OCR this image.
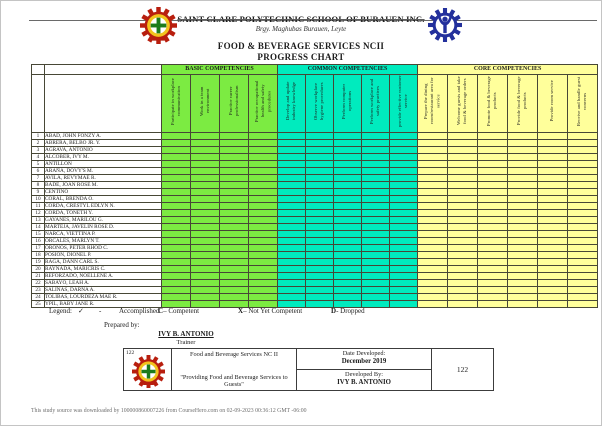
SAINT CLARE POLYTECHNIC SCHOOL OF BURAUEN INC.
Brgy. Maghubas Burauen, Leyte
FOOD & BEVERAGE SERVICES NCII
PROGRESS CHART
		BASIC COMPETENCIES				COMMON COMPETENCIES					CORE COMPETENCIES					
		Participate in workplace communication	Work in a team environment	Practice career professionalism	Practice occupational health and safety procedures	Develop and update industry knowledge	Observe workplace hygiene procedures	Perform computer operations	Perform workplace and safety practices	provide effective customer service	Prepare the dining room/restaurant area for service	Welcome guests and take food & beverage orders	Promote food & beverage products	Provide food & beverage products	Provide room service	Receive and handle guest concerns
1	ABAD, JOHN FONZY A.															
2	ABRERA, BELBO JR. Y.															
3	AGRAVA, ANTONIO															
4	ALCOBER, IVY M.															
5	ANTILLON															
6	ARAÑA, DOVY'S M.															
7	AVILA, REVYMAE R.															
8	BADE, JOAN ROSE M.															
9	CENTINO															
10	CORAL, BRENDA O.															
11	CORDA, CRESTYL EDLYN N.															
12	CORDA, TONETH Y.															
13	GAYANES, MARILOU G.															
14	MARTEJA, JAVELIN ROSE D.															
15	NARCA, VIETTINA P.															
16	ORCALES, MARLYN T.															
17	ORONOS, PETER RHOD C.															
18	POSION, DIONEL P.															
19	RAGA, DANN CARL S.															
20	RAYNADA, MARICRIS C.															
21	REFORZADO, NOELLENE A.															
22	SABAYO, LEAH A.															
23	SALINAS, DARNA A.															
24	TOLIBAS, LOURDEZA MAE R.															
25	YPIL, BABY JANE R.															
Legend: ✓ -	Accomplished
C – Competent	X – Not Yet Competent	D - Dropped
Prepared by:
IVY B. ANTONIO
Trainer
122	Food and Beverage Services NC II
"Providing Food and Beverage Services to Guests"
Date Developed:
December 2019
Developed By:
IVY B. ANTONIO
122
This study source was downloaded by 100000860007226 from CourseHero.com on 02-09-2023 00:36:12 GMT -06:00
